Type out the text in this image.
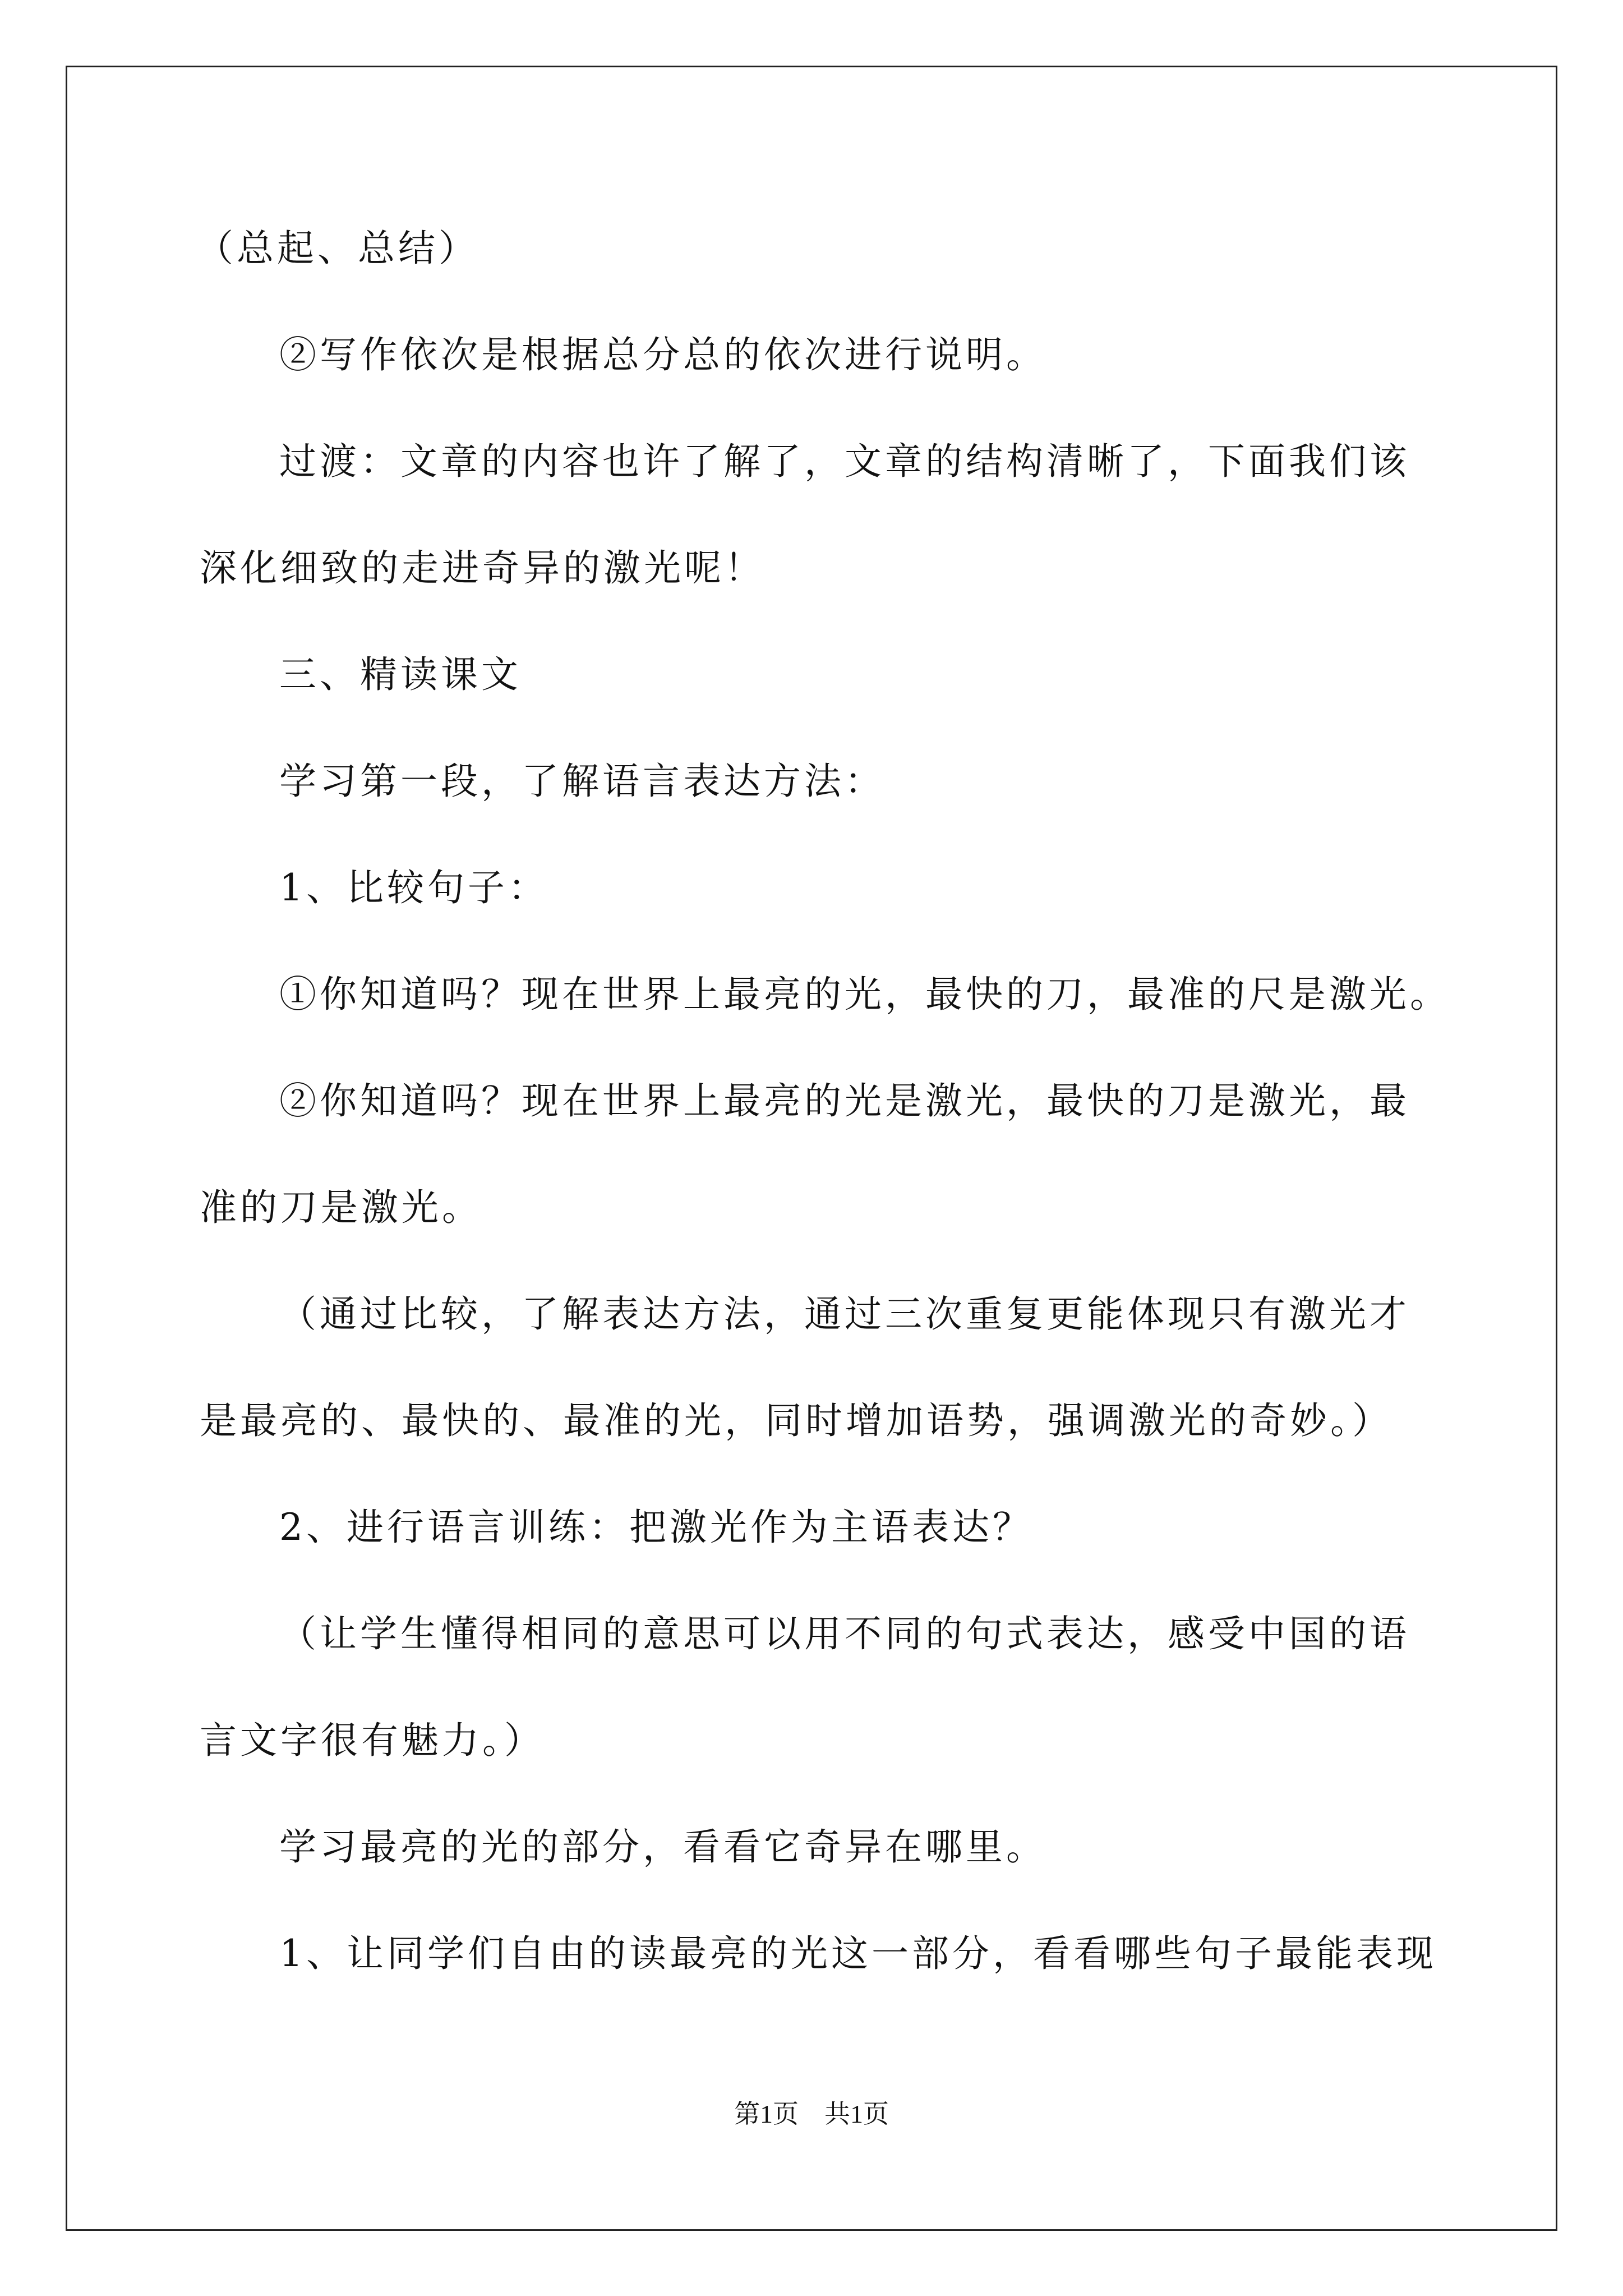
（总起、总结）

②写作依次是根据总分总的依次进行说明。

过渡：文章的内容也许了解了，文章的结构清晰了，下面我们该

深化细致的走进奇异的激光呢！

三、精读课文

学习第一段，了解语言表达方法：

1、比较句子：

①你知道吗？现在世界上最亮的光，最快的刀，最准的尺是激光。

②你知道吗？现在世界上最亮的光是激光，最快的刀是激光，最

准的刀是激光。

（通过比较，了解表达方法，通过三次重复更能体现只有激光才

是最亮的、最快的、最准的光，同时增加语势，强调激光的奇妙。）

2、进行语言训练：把激光作为主语表达？

（让学生懂得相同的意思可以用不同的句式表达，感受中国的语

言文字很有魅力。）

学习最亮的光的部分，看看它奇异在哪里。

1、让同学们自由的读最亮的光这一部分，看看哪些句子最能表现

第1页　共1页
